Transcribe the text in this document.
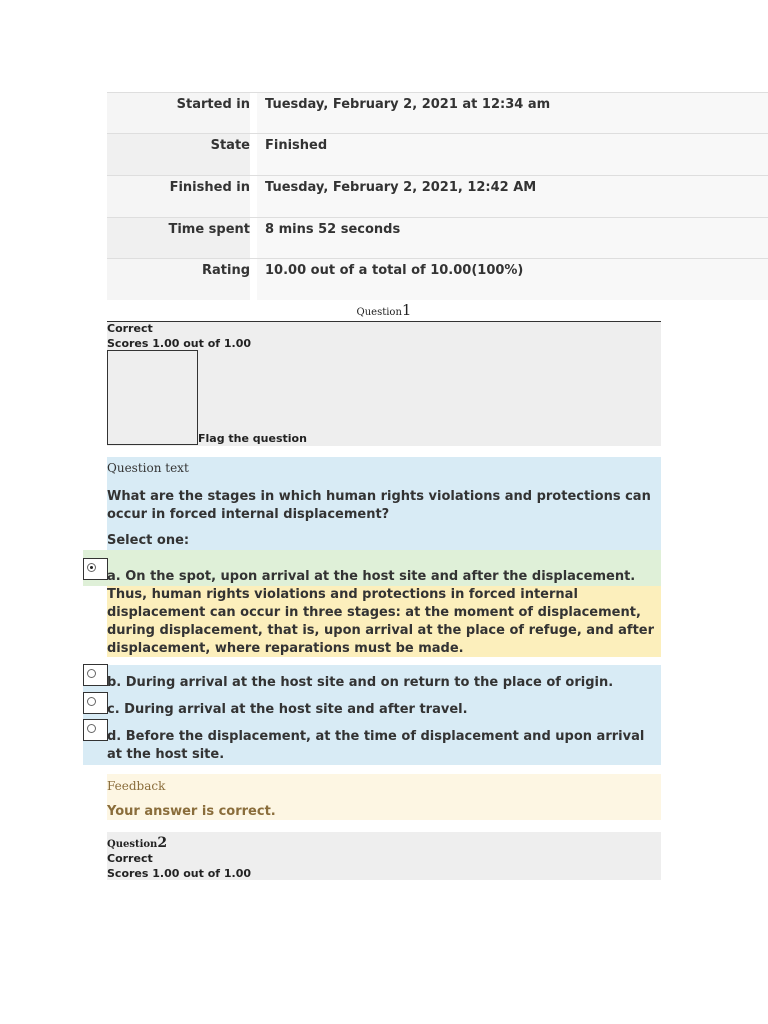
Started in	Tuesday, February 2, 2021 at 12:34 am
State	Finished
Finished in	Tuesday, February 2, 2021, 12:42 AM
Time spent	8 mins 52 seconds
Rating	10.00 out of a total of 10.00(100%)
Question1
Correct
Scores 1.00 out of 1.00
Flag the question
Question text
What are the stages in which human rights violations and protections can occur in forced internal displacement?
Select one:
a. On the spot, upon arrival at the host site and after the displacement.
Thus, human rights violations and protections in forced internal displacement can occur in three stages: at the moment of displacement, during displacement, that is, upon arrival at the place of refuge, and after displacement, where reparations must be made.
b. During arrival at the host site and on return to the place of origin.
c. During arrival at the host site and after travel.
d. Before the displacement, at the time of displacement and upon arrival at the host site.
Feedback
Your answer is correct.
Question2
Correct
Scores 1.00 out of 1.00
